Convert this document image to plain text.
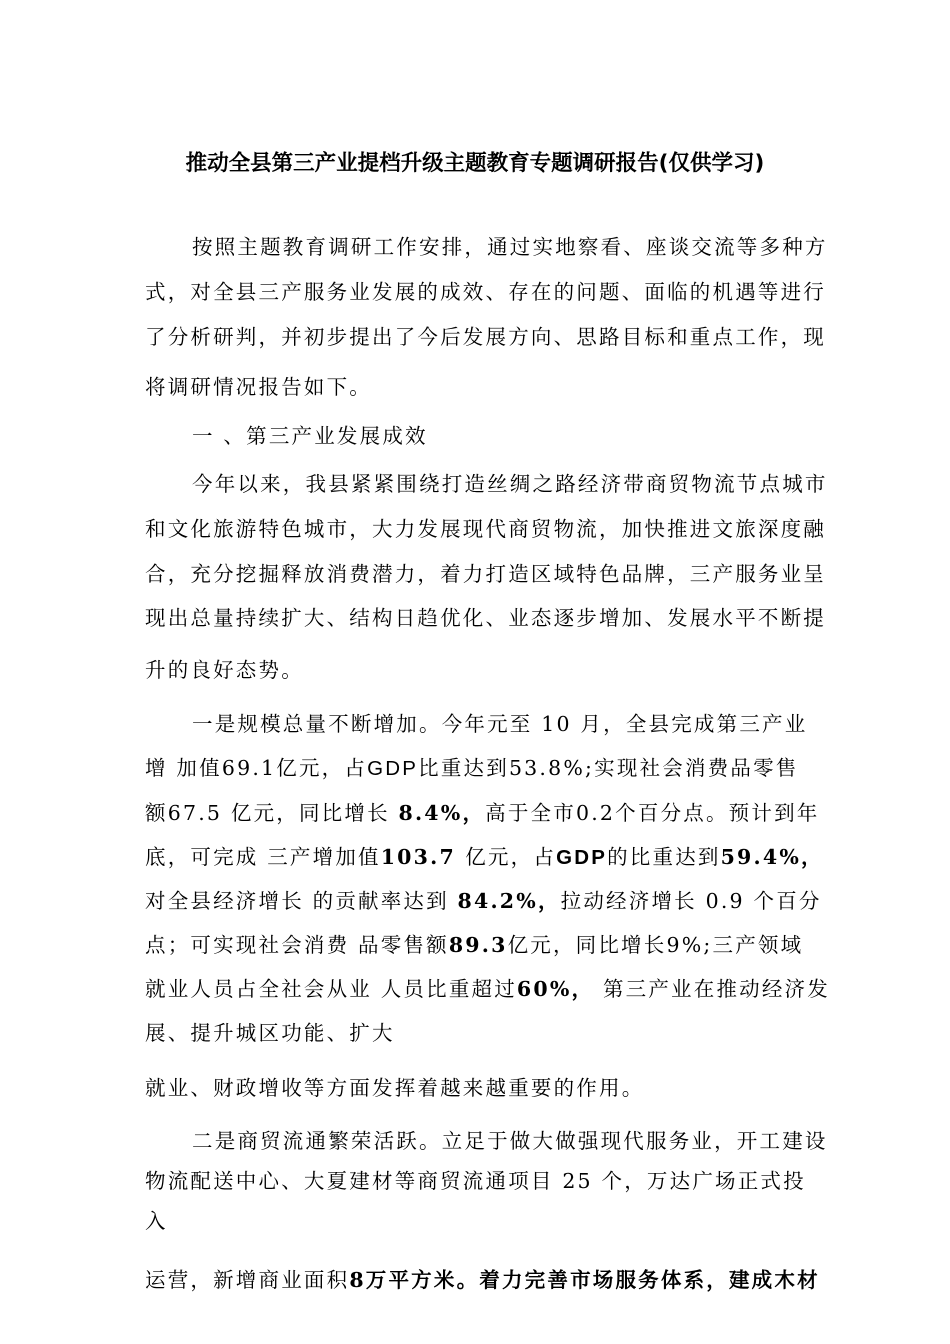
推动全县第三产业提档升级主题教育专题调研报告(仅供学习)
按照主题教育调研工作安排，通过实地察看、座谈交流等多种方
式，对全县三产服务业发展的成效、存在的问题、面临的机遇等进行
了分析研判，并初步提出了今后发展方向、思路目标和重点工作，现
将调研情况报告如下。
一 、第三产业发展成效
今年以来，我县紧紧围绕打造丝绸之路经济带商贸物流节点城市
和文化旅游特色城市，大力发展现代商贸物流，加快推进文旅深度融
合，充分挖掘释放消费潜力，着力打造区域特色品牌，三产服务业呈
现出总量持续扩大、结构日趋优化、业态逐步增加、发展水平不断提
升的良好态势。
一是规模总量不断增加。今年元至 10 月，全县完成第三产业
增 加值69.1亿元，占GDP比重达到53.8%;实现社会消费品零售
额67.5 亿元，同比增长 8.4%，高于全市0.2个百分点。预计到年
底，可完成 三产增加值103.7 亿元，占GDP的比重达到59.4%，
对全县经济增长 的贡献率达到 84.2%，拉动经济增长 0.9 个百分
点；可实现社会消费 品零售额89.3亿元，同比增长9%;三产领域
就业人员占全社会从业 人员比重超过60%， 第三产业在推动经济发
展、提升城区功能、扩大
就业、财政增收等方面发挥着越来越重要的作用。
二是商贸流通繁荣活跃。立足于做大做强现代服务业，开工建设
物流配送中心、大夏建材等商贸流通项目 25 个，万达广场正式投
入
运营，新增商业面积8万平方米。着力完善市场服务体系，建成木材
